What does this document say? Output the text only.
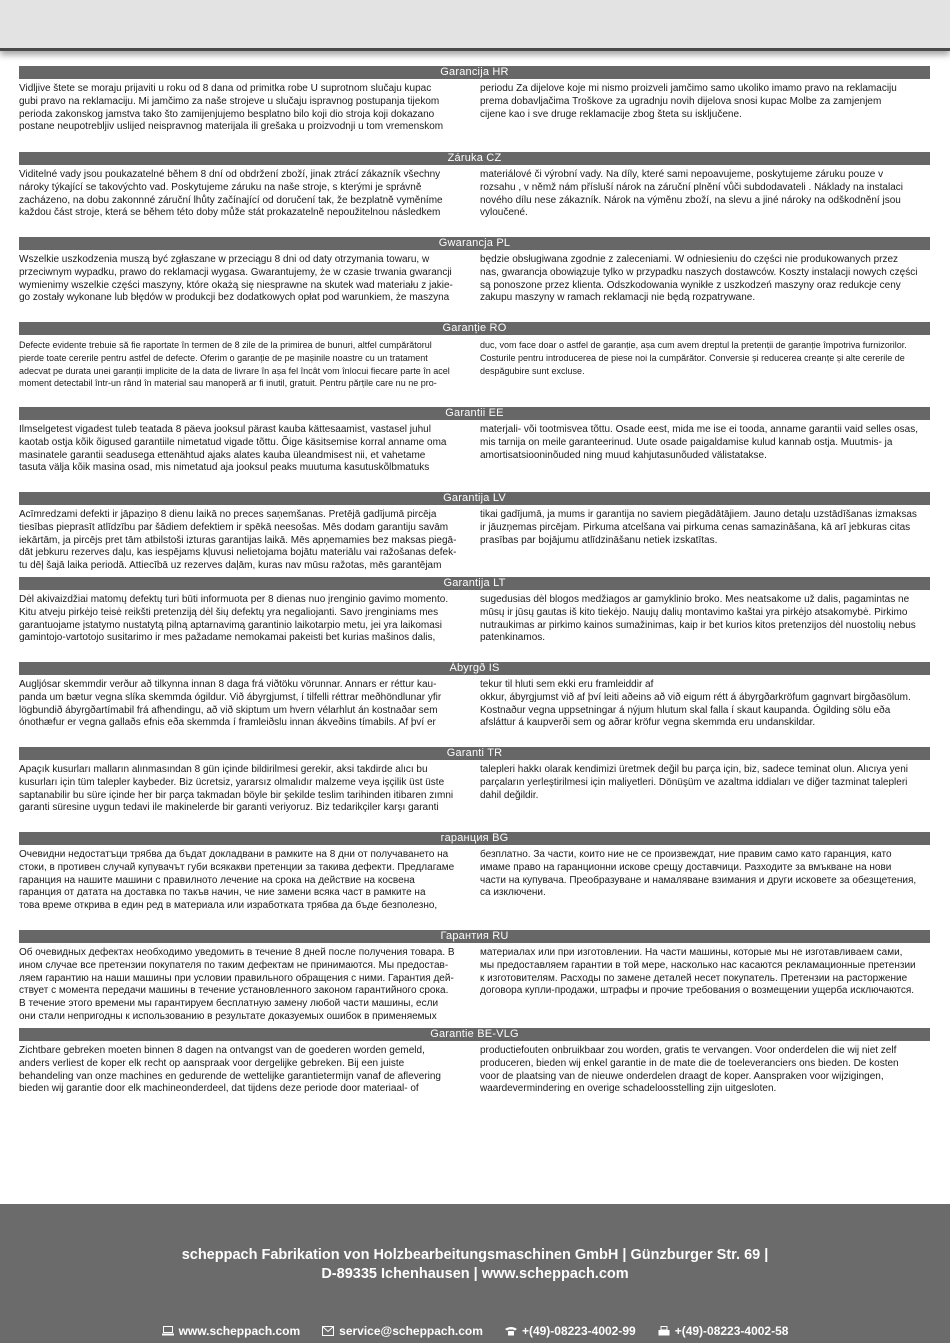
Garancija HR
Vidljive štete se moraju prijaviti u roku od 8 dana od primitka robe U suprotnom slučaju kupac
gubi pravo na reklamaciju. Mi jamčimo za naše strojeve u slučaju ispravnog postupanja tijekom
perioda zakonskog jamstva tako što zamijenjujemo besplatno bilo koji dio stroja koji dokazano
postane neupotrebljiv uslijed neispravnog materijala ili grešaka u proizvodnji u tom vremenskom
periodu Za dijelove koje mi nismo proizveli jamčimo samo ukoliko imamo pravo na reklamaciju
prema dobavljačima Troškove za ugradnju novih dijelova snosi kupac Molbe za zamjenjem
cijene kao i sve druge reklamacije zbog šteta su isključene.
Záruka CZ
Viditelné vady jsou poukazatelné během 8 dní od obdržení zboží, jinak ztrácí zákazník všechny
nároky týkající se takovýchto vad. Poskytujeme záruku na naše stroje, s kterými je správně
zacházeno, na dobu zakonnné záruční lhůty začínající od doručení tak, že bezplatně vyměníme
každou část stroje, která se během této doby může stát prokazatelně nepoužitelnou následkem
materiálové či výrobní vady. Na díly, které sami nepoavujeme, poskytujeme záruku pouze v
rozsahu , v němž nám přísluší nárok na záruční plnění vůči subdodavateli . Náklady na instalaci
nového dílu nese zákazník. Nárok na výměnu zboží, na slevu a jiné nároky na odškodnění jsou
vyloučené.
Gwarancja PL
Wszelkie uszkodzenia muszą być zgłaszane w przeciągu 8 dni od daty otrzymania towaru, w
przeciwnym wypadku, prawo do reklamacji wygasa. Gwarantujemy, że w czasie trwania gwarancji
wymienimy wszelkie części maszyny, które okażą się niesprawne na skutek wad materiału z jakie-
go zostały wykonane lub błędów w produkcji bez dodatkowych opłat pod warunkiem, że maszyna
będzie obsługiwana zgodnie z zaleceniami. W odniesieniu do części nie produkowanych przez
nas, gwarancja obowiązuje tylko w przypadku naszych dostawców. Koszty instalacji nowych części
są ponoszone przez klienta. Odszkodowania wynikłe z uszkodzeń maszyny oraz redukcje ceny
zakupu maszyny w ramach reklamacji nie będą rozpatrywane.
Garanție RO
Defecte evidente trebuie să fie raportate în termen de 8 zile de la primirea de bunuri, altfel cumpărătorul
pierde toate cererile pentru astfel de defecte. Oferim o garanție de pe mașinile noastre cu un tratament
adecvat pe durata unei garanții implicite de la data de livrare în așa fel încât vom înlocui fiecare parte în acel
moment detectabil într-un rând în material sau manoperă ar fi inutil, gratuit. Pentru părțile care nu ne pro-
duc, vom face doar o astfel de garanție, așa cum avem dreptul la pretenții de garanție împotriva furnizorilor.
Costurile pentru introducerea de piese noi la cumpărător. Conversie și reducerea creanțe și alte cererile de
despăgubire sunt excluse.
Garantii EE
Ilmselgetest vigadest tuleb teatada 8 päeva jooksul pärast kauba kättesaamist, vastasel juhul
kaotab ostja kõik õigused garantiile nimetatud vigade tõttu. Õige käsitsemise korral anname oma
masinatele garantii seadusega ettenähtud ajaks alates kauba üleandmisest nii, et vahetame
tasuta välja kõik masina osad, mis nimetatud aja jooksul peaks muutuma kasutuskõlbmatuks
materjali- või tootmisvea tõttu. Osade eest, mida me ise ei tooda, anname garantii vaid selles osas,
mis tarnija on meile garanteerinud. Uute osade paigaldamise kulud kannab ostja. Muutmis- ja
amortisatsiooninõuded ning muud kahjutasunõuded välistatakse.
Garantija LV
Acīmredzami defekti ir jāpaziņo 8 dienu laikā no preces saņemšanas. Pretējā gadījumā pircēja
tiesības pieprasīt atlīdzību par šādiem defektiem ir spēkā neesošas. Mēs dodam garantiju savām
iekārtām, ja pircējs pret tām atbilstoši izturas garantijas laikā. Mēs apņemamies bez maksas piegā-
dāt jebkuru rezerves daļu, kas iespējams kļuvusi nelietojama bojātu materiālu vai ražošanas defek-
tu dēļ šajā laika periodā. Attiecībā uz rezerves daļām, kuras nav mūsu ražotas, mēs garantējam
tikai gadījumā, ja mums ir garantija no saviem piegādātājiem. Jauno detaļu uzstādīšanas izmaksas
ir jāuzņemas pircējam. Pirkuma atcelšana vai pirkuma cenas samazināšana, kā arī jebkuras citas
prasības par bojājumu atlīdzināšanu netiek izskatītas.
Garantija LT
Dėl akivaizdžiai matomų defektų turi būti informuota per 8 dienas nuo įrenginio gavimo momento.
Kitu atveju pirkėjo teisė reikšti pretenziją dėl šių defektų yra negalioj​anti. Savo įrenginiams mes
garantuojame įstatymo nustatytą pilną aptarnavimą garantinio laikotarpio metu, jei yra laikomasi
gamintojo-vartotojo susitarimo ir mes pažadame nemokamai pakeisti bet kurias mašinos dalis,
sugedusias dėl blogos medžiagos ar gamyklinio broko. Mes neatsakome už dalis, pagamintas ne
mūsų ir jūsų gautas iš kito tiekėjo. Naujų dalių montavimo kaštai yra pirkėjo atsakomybė. Pirkimo
nutraukimas ar pirkimo kainos sumažinimas, kaip ir bet kurios kitos pretenzijos dėl nuostolių nebus
patenkinamos.
Ábyrgð IS
Augljósar skemmdir verður að tilkynna innan 8 daga frá viðtöku vörunnar. Annars er réttur kau-
panda um bætur vegna slíka skemmda ógildur. Við ábyrgjumst, í tilfelli réttrar meðhöndlunar yfir
lögbundið ábyrgðartímabil frá afhendingu, að við skiptum um hvern vélarhlut án kostnaðar sem
ónothæfur er vegna gallaðs efnis eða skemmda í framleiðslu innan ákveðins tímabils. Af því er
tekur til hluti sem ekki eru framleiddir af
okkur, ábyrgjumst við af því leiti aðeins að við eigum rétt á ábyrgðarkröfum gagnvart birgðasölum.
Kostnaður vegna uppsetningar á nýjum hlutum skal falla í skaut kaupanda. Ógilding sölu eða
afsláttur á kaupverði sem og aðrar kröfur vegna skemmda eru undanskildar.
Garanti TR
Apaçık kusurları malların alınmasından 8 gün içinde bildirilmesi gerekir, aksi takdirde alıcı bu
kusurları için tüm talepler kaybeder. Biz ücretsiz, yararsız olmalıdır malzeme veya işçilik üst üste
saptanabilir bu süre içinde her bir parça takmadan böyle bir şekilde teslim tarihinden itibaren zımni
garanti süresine uygun tedavi ile makinelerde bir garanti veriyoruz. Biz tedarikçiler karşı garanti
talepleri hakkı olarak kendimizi üretmek değil bu parça için, biz, sadece teminat olun. Alıcıya yeni
parçaların yerleştirilmesi için maliyetleri. Dönüşüm ve azaltma iddiaları ve diğer tazminat talepleri
dahil değildir.
гаранция BG
Очевидни недостатъци трябва да бъдат докладвани в рамките на 8 дни от получаването на
стоки, в противен случай купувачът губи всякакви претенции за такива дефекти. Предлагаме
гаранция на нашите машини с правилното лечение на срока на действие на косвена
гаранция от датата на доставка по такъв начин, че ние замени всяка част в рамките на
това време открива в един ред в материала или изработката трябва да бъде безполезно,
безплатно. За части, които ние не се произвеждат, ние правим само като гаранция, като
имаме право на гаранционни искове срещу доставчици. Разходите за вмъкване на нови
части на купувача. Преобразуване и намаляване взимания и други исковете за обезщетения,
са изключени.
Гарантия RU
Об очевидных дефектах необходимо уведомить в течение 8 дней после получения товара. В
ином случае все претензии покупателя по таким дефектам не принимаются. Мы предостав-
ляем гарантию на наши машины при условии правильного обращения с ними. Гарантия дей-
ствует с момента передачи машины в течение установленного законом гарантийного срока.
В течение этого времени мы гарантируем бесплатную замену любой части машины, если
они стали непригодны к использованию в результате доказуемых ошибок в применяемых
материалах или при изготовлении. На части машины, которые мы не изготавливаем сами,
мы предоставляем гарантии в той мере, насколько нас касаются рекламационные претензии
к изготовителям. Расходы по замене деталей несет покупатель. Претензии на расторжение
договора купли-продажи, штрафы и прочие требования о возмещении ущерба исключаются.
Garantie BE-VLG
Zichtbare gebreken moeten binnen 8 dagen na ontvangst van de goederen worden gemeld,
anders verliest de koper elk recht op aanspraak voor dergelijke gebreken. Bij een juiste
behandeling van onze machines en gedurende de wettelijke garantietermijn vanaf de aflevering
bieden wij garantie door elk machineonderdeel, dat tijdens deze periode door materiaal- of
productiefouten onbruikbaar zou worden, gratis te vervangen. Voor onderdelen die wij niet zelf
produceren, bieden wij enkel garantie in de mate die de toeleveranciers ons bieden. De kosten
voor de plaatsing van de nieuwe onderdelen draagt de koper. Aanspraken voor wijzigingen,
waardevermindering en overige schadeloosstelling zijn uitgesloten.
scheppach Fabrikation von Holzbearbeitungsmaschinen GmbH | Günzburger Str. 69 |
D-89335 Ichenhausen | www.scheppach.com
www.scheppach.com	service@scheppach.com	+(49)-08223-4002-99	+(49)-08223-4002-58
